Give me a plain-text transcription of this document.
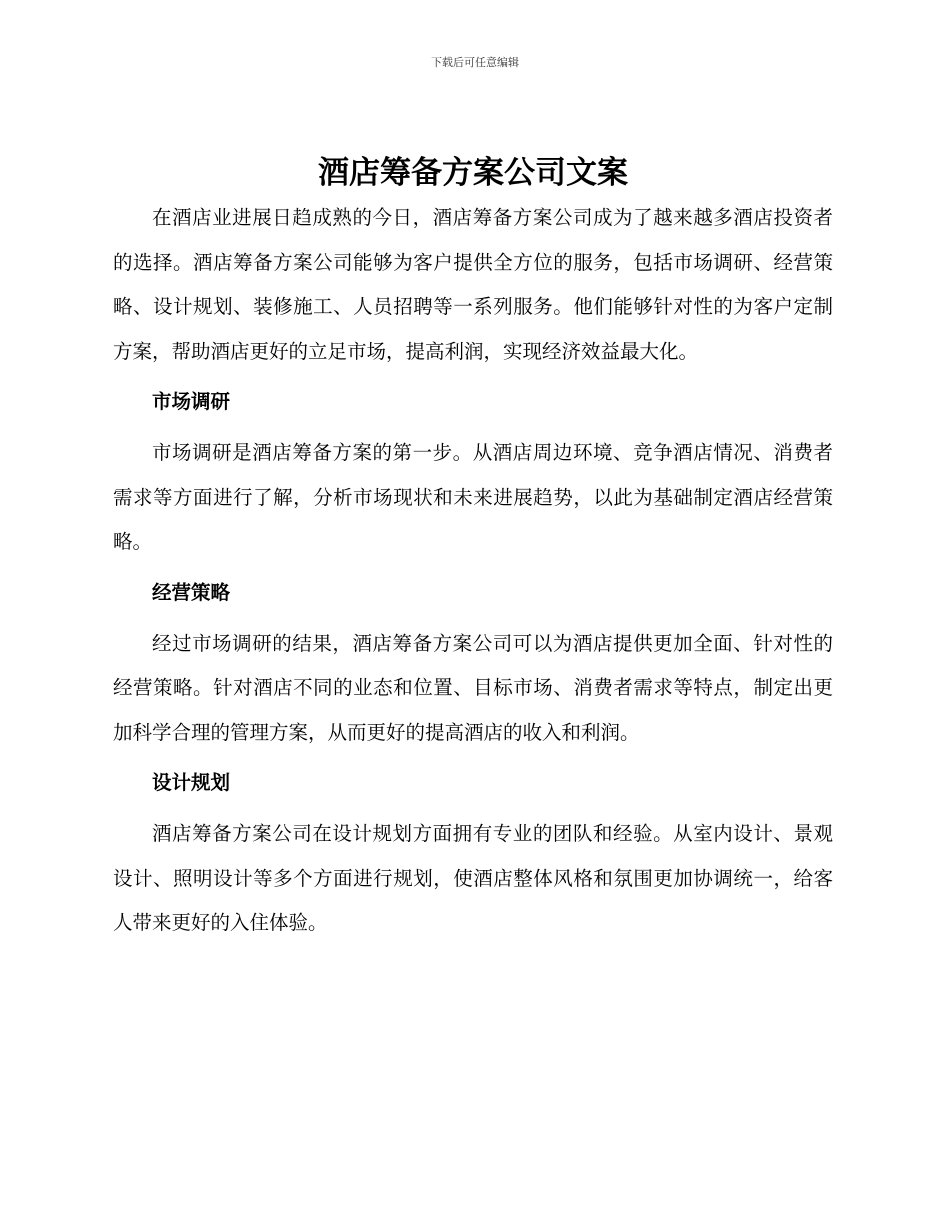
下载后可任意编辑
酒店筹备方案公司文案

在酒店业进展日趋成熟的今日，酒店筹备方案公司成为了越来越多酒店投资者的选择。酒店筹备方案公司能够为客户提供全方位的服务，包括市场调研、经营策略、设计规划、装修施工、人员招聘等一系列服务。他们能够针对性的为客户定制方案，帮助酒店更好的立足市场，提高利润，实现经济效益最大化。

市场调研

市场调研是酒店筹备方案的第一步。从酒店周边环境、竞争酒店情况、消费者需求等方面进行了解，分析市场现状和未来进展趋势，以此为基础制定酒店经营策略。

经营策略

经过市场调研的结果，酒店筹备方案公司可以为酒店提供更加全面、针对性的经营策略。针对酒店不同的业态和位置、目标市场、消费者需求等特点，制定出更加科学合理的管理方案，从而更好的提高酒店的收入和利润。

设计规划

酒店筹备方案公司在设计规划方面拥有专业的团队和经验。从室内设计、景观设计、照明设计等多个方面进行规划，使酒店整体风格和氛围更加协调统一，给客人带来更好的入住体验。
